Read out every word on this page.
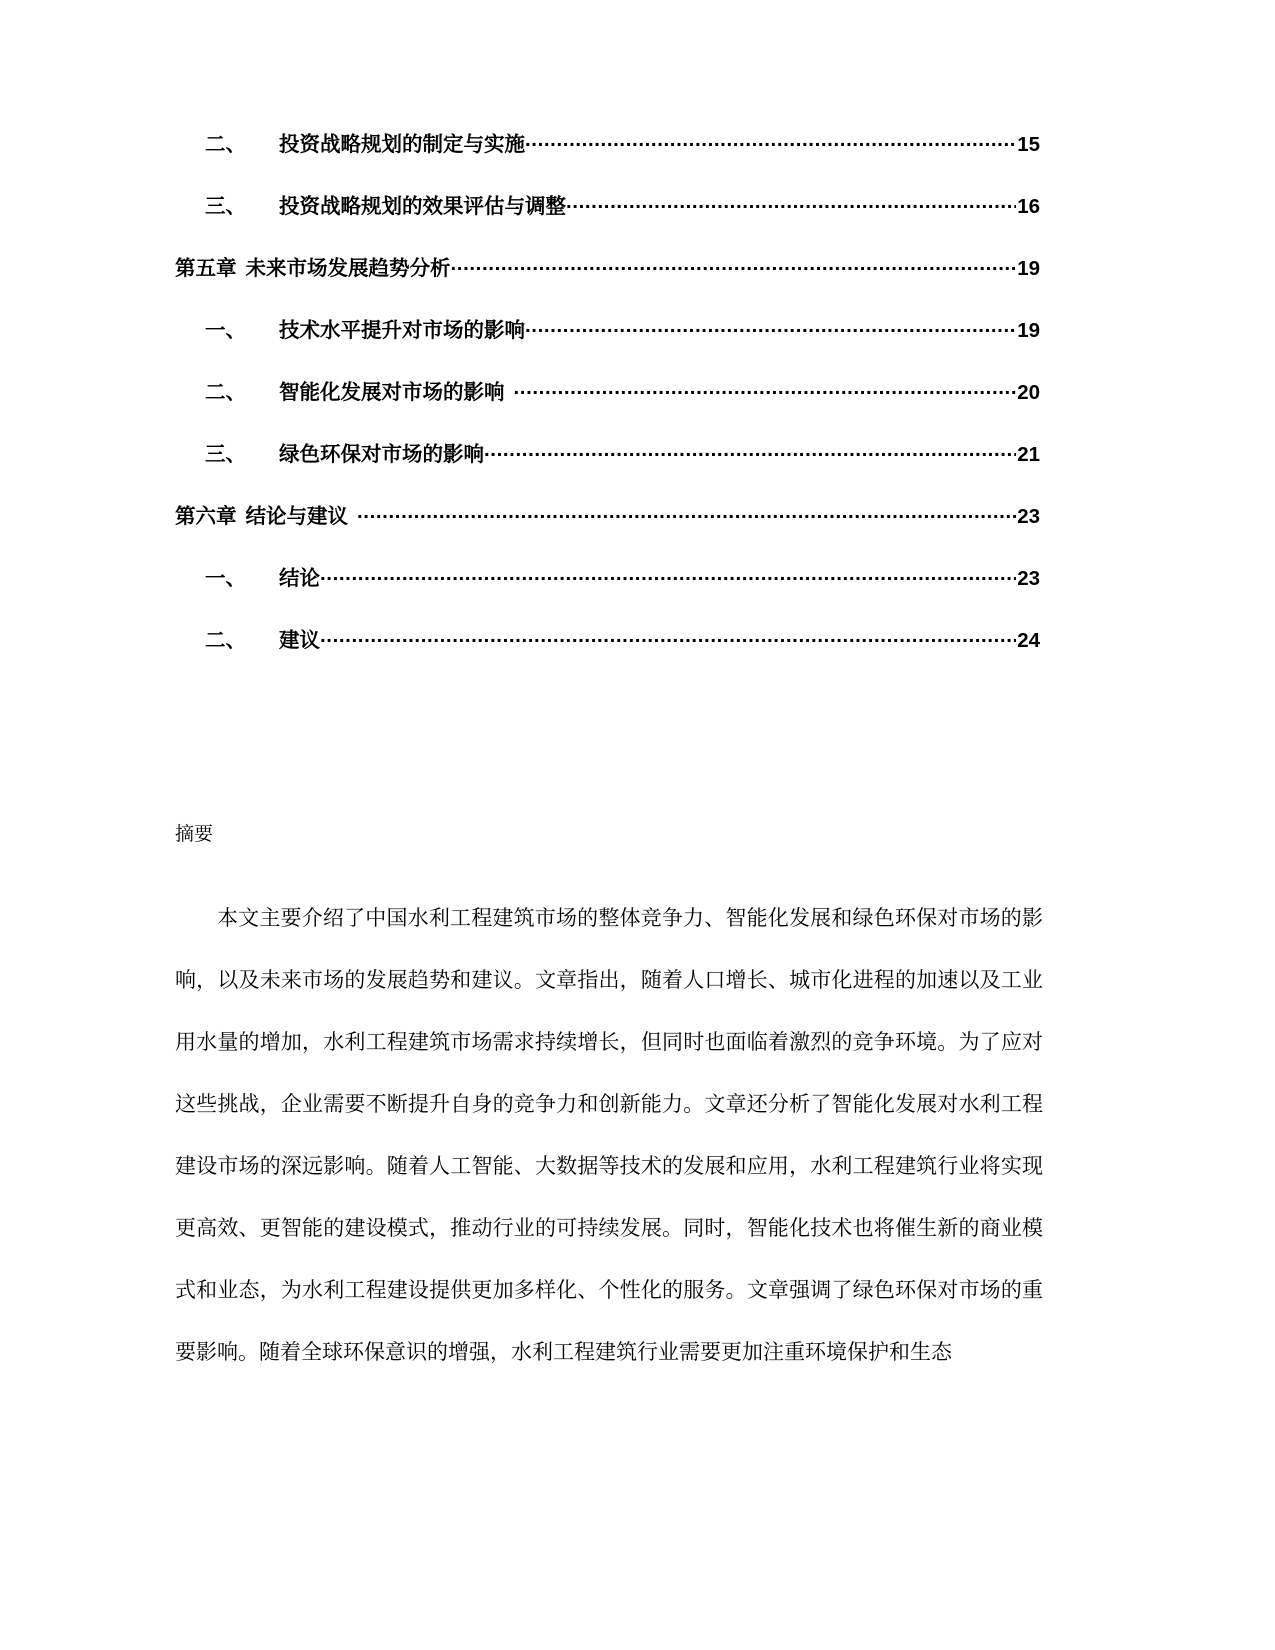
二、	投资战略规划的制定与实施 .....	15
三、	投资战略规划的效果评估与调整 .....	16
第五章 未来市场发展趋势分析 .....	19
一、	技术水平提升对市场的影响 .....	19
二、	智能化发展对市场的影响 .....	20
三、	绿色环保对市场的影响 .....	21
第六章 结论与建议 .....	23
一、	结论 .....	23
二、	建议 .....	24
摘要

本文主要介绍了中国水利工程建筑市场的整体竞争力、智能化发展和绿色环保对市场的影响，以及未来市场的发展趋势和建议。文章指出，随着人口增长、城市化进程的加速以及工业用水量的增加，水利工程建筑市场需求持续增长，但同时也面临着激烈的竞争环境。为了应对这些挑战，企业需要不断提升自身的竞争力和创新能力。文章还分析了智能化发展对水利工程建设市场的深远影响。随着人工智能、大数据等技术的发展和应用，水利工程建筑行业将实现更高效、更智能的建设模式，推动行业的可持续发展。同时，智能化技术也将催生新的商业模式和业态，为水利工程建设提供更加多样化、个性化的服务。文章强调了绿色环保对市场的重要影响。随着全球环保意识的增强，水利工程建筑行业需要更加注重环境保护和生态
